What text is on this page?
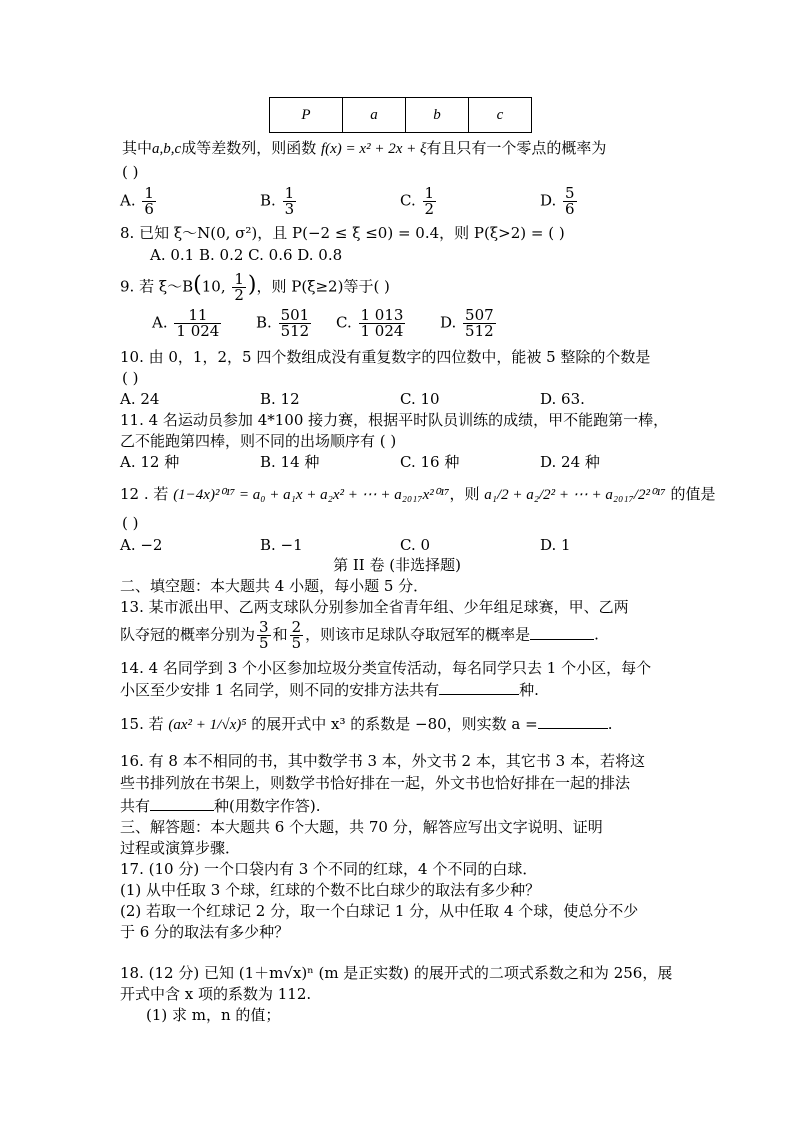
P	a	b	c
其中a,b,c成等差数列，则函数 f(x) = x² + 2x + ξ有且只有一个零点的概率为
( )
A. $\frac{1}{6}$	B. $\frac{1}{3}$	C. $\frac{1}{2}$	D. $\frac{5}{6}$
8. 已知 ξ～N(0, σ²)，且 P(−2 ≤ ξ ≤0) = 0.4，则 P(ξ>2) = ( )
A. 0.1 B. 0.2 C. 0.6 D. 0.8
9. 若 ξ～B(10, $\frac{1}{2}$ )，则 P(ξ≥2)等于( )
A. $\frac{11}{1 024} B$. $\frac{501}{512} C$. $\frac{1 013}{1 024} D$. $\frac{507}{512}$
10. 由 0，1，2，5 四个数组成没有重复数字的四位数中，能被 5 整除的个数是
( )
A. 24	B. 12	C. 10	D. 63.
11. 4 名运动员参加 4*100 接力赛，根据平时队员训练的成绩，甲不能跑第一棒，
乙不能跑第四棒，则不同的出场顺序有 ( )
A. 12 种	B. 14 种	C. 16 种	D. 24 种
12 . 若 (1−4x)²⁰¹⁷ = a₀ + a₁x + a₂x² + ⋯ + a₂₀₁₇x²⁰¹⁷，则 a₁/2 + a₂/2² + ⋯ + a₂₀₁₇/2²⁰¹⁷ 的值是
( )
A. −2	B. −1	C. 0	D. 1
第 II 卷 (非选择题)
二、填空题：本大题共 4 小题，每小题 5 分．
13. 某市派出甲、乙两支球队分别参加全省青年组、少年组足球赛，甲、乙两
队夺冠的概率分别为 $\frac{3}{5}$ 和 $\frac{2}{5}$ ，则该市足球队夺取冠军的概率是	.
14. 4 名同学到 3 个小区参加垃圾分类宣传活动，每名同学只去 1 个小区，每个
小区至少安排 1 名同学，则不同的安排方法共有	种.
15. 若 (ax² + 1/√x)⁵ 的展开式中 x³ 的系数是 −80，则实数 a =	.
16. 有 8 本不相同的书，其中数学书 3 本，外文书 2 本，其它书 3 本，若将这
些书排列放在书架上，则数学书恰好排在一起，外文书也恰好排在一起的排法
共有	种(用数字作答).
三、解答题：本大题共 6 个大题，共 70 分，解答应写出文字说明、证明
过程或演算步骤．
17. (10 分) 一个口袋内有 3 个不同的红球，4 个不同的白球．
(1) 从中任取 3 个球，红球的个数不比白球少的取法有多少种？
(2) 若取一个红球记 2 分，取一个白球记 1 分，从中任取 4 个球，使总分不少
于 6 分的取法有多少种？
18. (12 分) 已知 (1＋m√x)ⁿ (m 是正实数) 的展开式的二项式系数之和为 256，展
开式中含 x 项的系数为 112.
(1) 求 m，n 的值；
